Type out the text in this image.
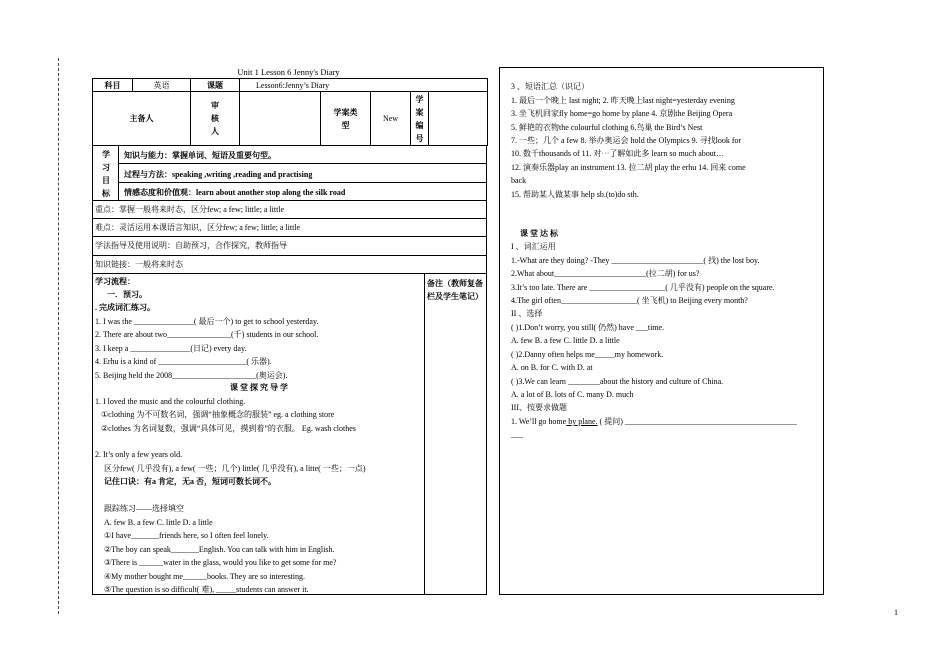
Unit 1 Lesson 6 Jenny's Diary
科目	英语	课题	Lesson6:Jenny’s Diary				
主备人		审核人		学案类型	New	学案编号	

学习目标
知识与能力：掌握单词、短语及重要句型。
过程与方法：speaking ,writing ,reading and practising
情感态度和价值观：learn about another stop along the silk road
重点：掌握一般将来时态，区分few; a few; little; a little
难点：灵活运用本课语言知识，区分few; a few; little; a little
学法指导及使用说明：自助预习，合作探究，教师指导
知识链接：一般将来时态
学习流程：
一．预习。
. 完成词汇练习。
1. I was the _______________( 最后一个) to get to school yesterday.
2. There are about two________________(千) students in our school.
3. I keep a _______________(日记) every day.
4. Erhu is a kind of ______________________( 乐器).
5. Beijing held the 2008_____________________(奥运会).
课 堂 探 究 导 学
1. I loved the music and the colourful clothing.
①clothing 为不可数名词，强调“抽象概念的服装” eg. a clothing store
②clothes 为名词复数，强调“具体可见，摸到着”的衣服。 Eg. wash clothes
2. It’s only a few years old.
区分few( 几乎没有), a few( 一些；几个) little( 几乎没有), a litte( 一些；一点)
记住口诀：有a 肯定，无a 否，短词可数长词不。
跟踪练习——选择填空
A. few B. a few C. little D. a little
①I have_______friends here, so I often feel lonely.
②The boy can speak_______English. You can talk with him in English.
③There is ______water in the glass, would you like to get some for me?
④My mother bought me______books. They are so interesting.
⑤The question is so difficult( 难), _____students can answer it.
备注（教师复备栏及学生笔记）
3 、短语汇总（识记）
1. 最后一个晚上 last night; 2. 昨天晚上last night=yesterday evening
3. 坐飞机回家fly home=go home by plane 4. 京剧the Beijing Opera
5. 鲜艳的衣物the colourful clothing 6.鸟巢 the Bird’s Nest
7. 一些；几个 a few 8. 举办奥运会 hold the Olympics 9. 寻找look for
10. 数千thousands of 11. 对⋯了解如此多 learn so much about…
12. 演奏乐器play an instrument 13. 拉二胡 play the erhu 14. 回来 come
back
15. 帮助某人做某事 help sb.(to)do sth.
课 堂 达 标
I 、词汇运用
1.-What are they doing? -They _______________________( 找) the lost boy.
2.What about_______________________(拉二胡) for us?
3.It’s too late. There are ___________________( 几乎没有) people on the square.
4.The girl often___________________( 坐飞机) to Beijing every month?
II 、选择
( )1.Don’t worry, you still( 仍然) have ___time.
A. few B. a few C. little D. a little
( )2.Danny often helps me_____my homework.
A. on B. for C. with D. at
( )3.We can learn ________about the history and culture of China.
A. a lot of B. lots of C. many D. much
III、按要求做题
1. We’ll go home by plane. ( 提问) ___________________________________________
___
1
